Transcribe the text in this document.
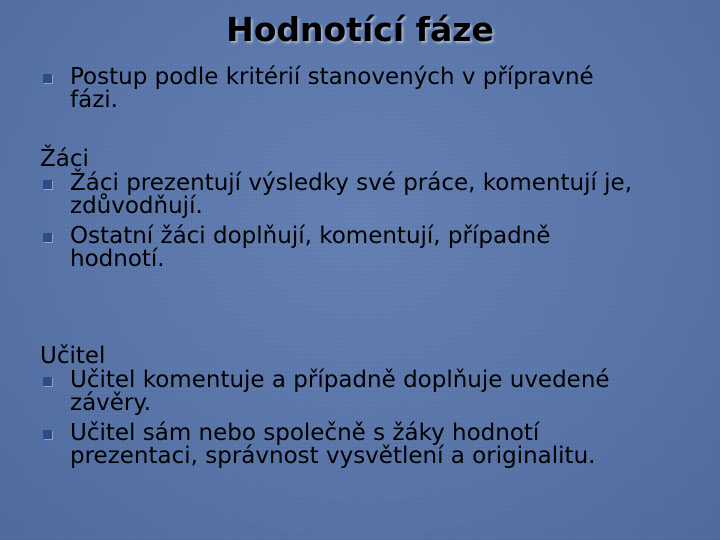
Hodnotící fáze
Postup podle kritérií stanovených v přípravné
fázi.
Žáci
Žáci prezentují výsledky své práce, komentují je,
zdůvodňují.
Ostatní žáci doplňují, komentují, případně
hodnotí.
Učitel
Učitel komentuje a případně doplňuje uvedené
závěry.
Učitel sám nebo společně s žáky hodnotí
prezentaci, správnost vysvětlení a originalitu.
